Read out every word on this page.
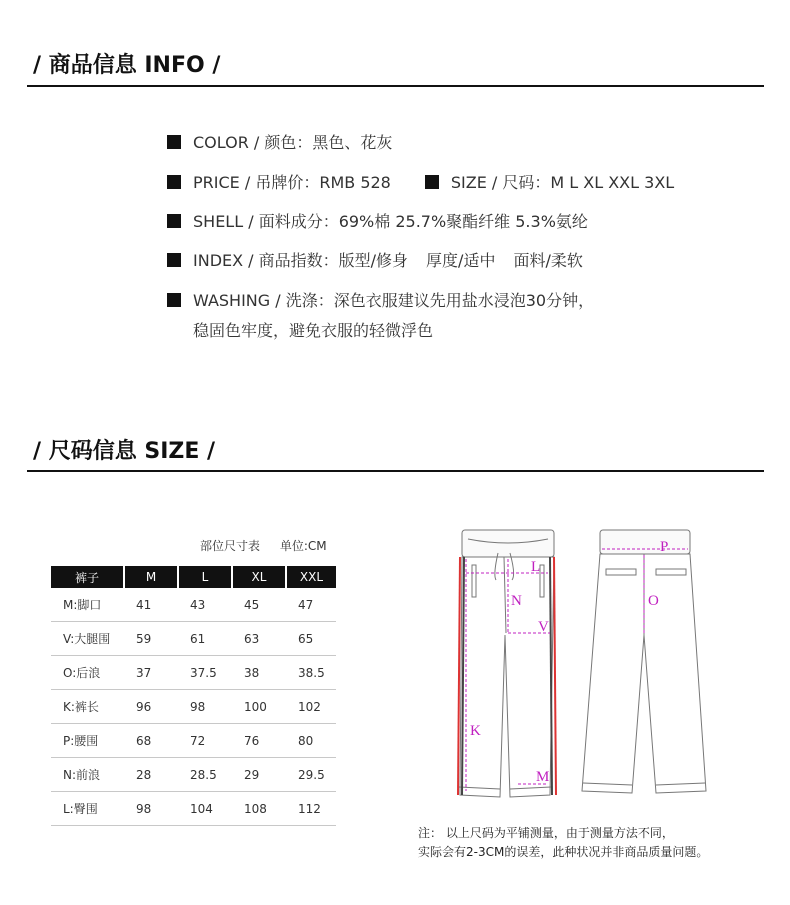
/ 商品信息 INFO /
COLOR / 颜色：黑色、花灰
PRICE / 吊牌价：RMB 528	SIZE / 尺码：M L XL XXL 3XL
SHELL / 面料成分：69%棉 25.7%聚酯纤维 5.3%氨纶
INDEX / 商品指数：版型/修身 厚度/适中 面料/柔软
WASHING / 洗涤：深色衣服建议先用盐水浸泡30分钟，
稳固色牢度，避免衣服的轻微浮色
/ 尺码信息 SIZE /
部位尺寸表 单位:CM
裤子	M	L	XL	XXL
M:脚口	41	43	45	47
V:大腿围	59	61	63	65
O:后浪	37	37.5	38	38.5
K:裤长	96	98	100	102
P:腰围	68	72	76	80
N:前浪	28	28.5	29	29.5
L:臀围	98	104	108	112
L
N
V
K
M
P
O
注： 以上尺码为平铺测量，由于测量方法不同，
实际会有2-3CM的误差，此种状况并非商品质量问题。
